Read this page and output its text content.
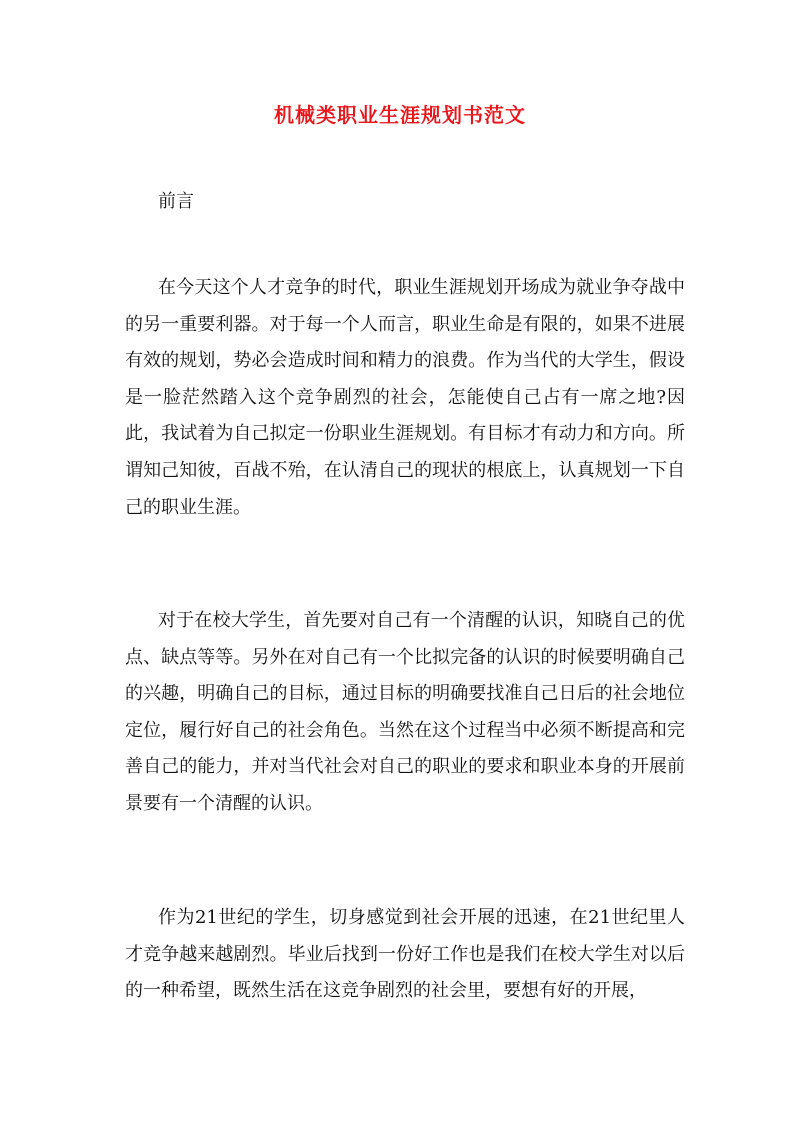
机械类职业生涯规划书范文
前言

在今天这个人才竞争的时代，职业生涯规划开场成为就业争夺战中的另一重要利器。对于每一个人而言，职业生命是有限的，如果不进展有效的规划，势必会造成时间和精力的浪费。作为当代的大学生，假设是一脸茫然踏入这个竞争剧烈的社会，怎能使自己占有一席之地?因此，我试着为自己拟定一份职业生涯规划。有目标才有动力和方向。所谓知己知彼，百战不殆，在认清自己的现状的根底上，认真规划一下自己的职业生涯。

对于在校大学生，首先要对自己有一个清醒的认识，知晓自己的优点、缺点等等。另外在对自己有一个比拟完备的认识的时候要明确自己的兴趣，明确自己的目标，通过目标的明确要找准自己日后的社会地位定位，履行好自己的社会角色。当然在这个过程当中必须不断提高和完善自己的能力，并对当代社会对自己的职业的要求和职业本身的开展前景要有一个清醒的认识。

作为21世纪的学生，切身感觉到社会开展的迅速，在21世纪里人才竞争越来越剧烈。毕业后找到一份好工作也是我们在校大学生对以后的一种希望，既然生活在这竞争剧烈的社会里，要想有好的开展，
